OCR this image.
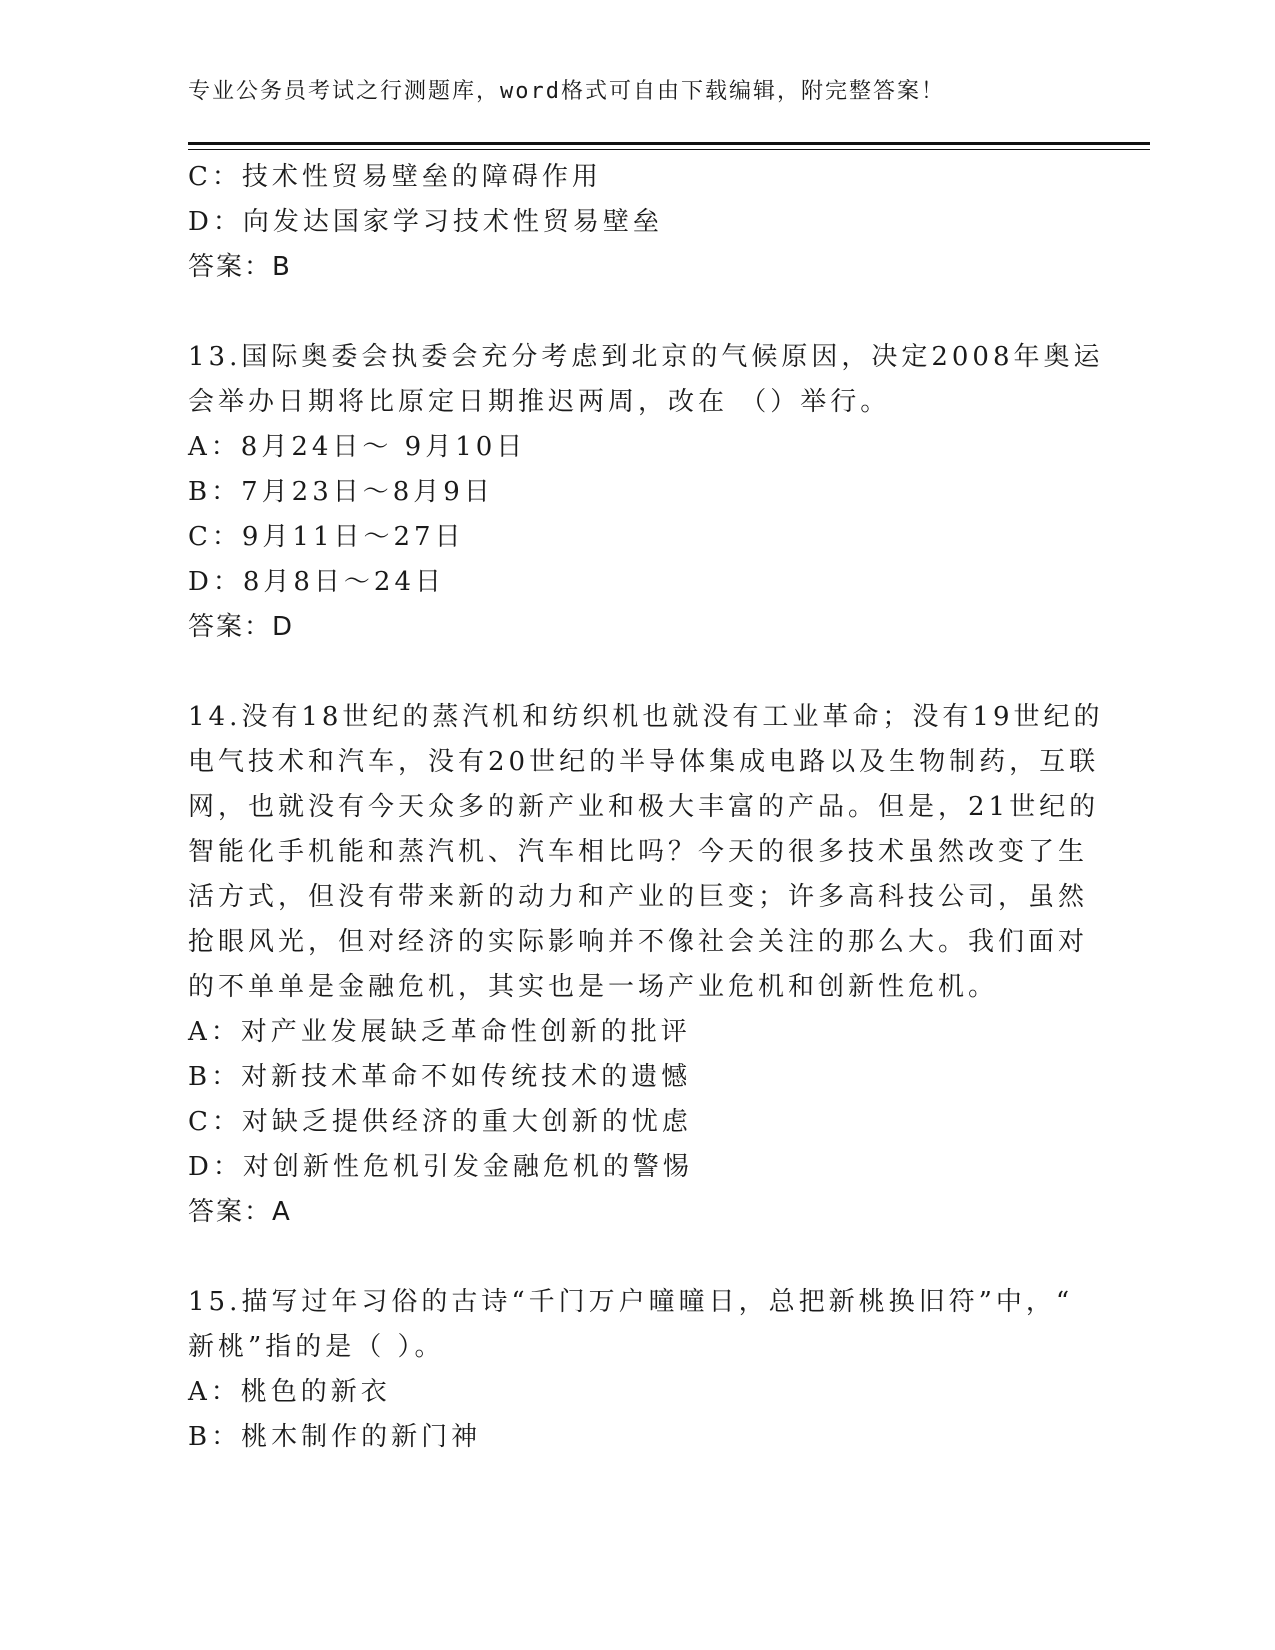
专业公务员考试之行测题库，word格式可自由下载编辑，附完整答案！
C：技术性贸易壁垒的障碍作用
D：向发达国家学习技术性贸易壁垒
答案：B
13.国际奥委会执委会充分考虑到北京的气候原因，决定2008年奥运
会举办日期将比原定日期推迟两周，改在 （）举行。
A：8月24日～ 9月10日
B：7月23日～8月9日
C：9月11日～27日
D：8月8日～24日
答案：D
14.没有18世纪的蒸汽机和纺织机也就没有工业革命；没有19世纪的
电气技术和汽车，没有20世纪的半导体集成电路以及生物制药，互联
网，也就没有今天众多的新产业和极大丰富的产品。但是，21世纪的
智能化手机能和蒸汽机、汽车相比吗？今天的很多技术虽然改变了生
活方式，但没有带来新的动力和产业的巨变；许多高科技公司，虽然
抢眼风光，但对经济的实际影响并不像社会关注的那么大。我们面对
的不单单是金融危机，其实也是一场产业危机和创新性危机。
A：对产业发展缺乏革命性创新的批评
B：对新技术革命不如传统技术的遗憾
C：对缺乏提供经济的重大创新的忧虑
D：对创新性危机引发金融危机的警惕
答案：A
15.描写过年习俗的古诗“千门万户曈曈日，总把新桃换旧符”中，“
新桃”指的是（ ）。
A：桃色的新衣
B：桃木制作的新门神
